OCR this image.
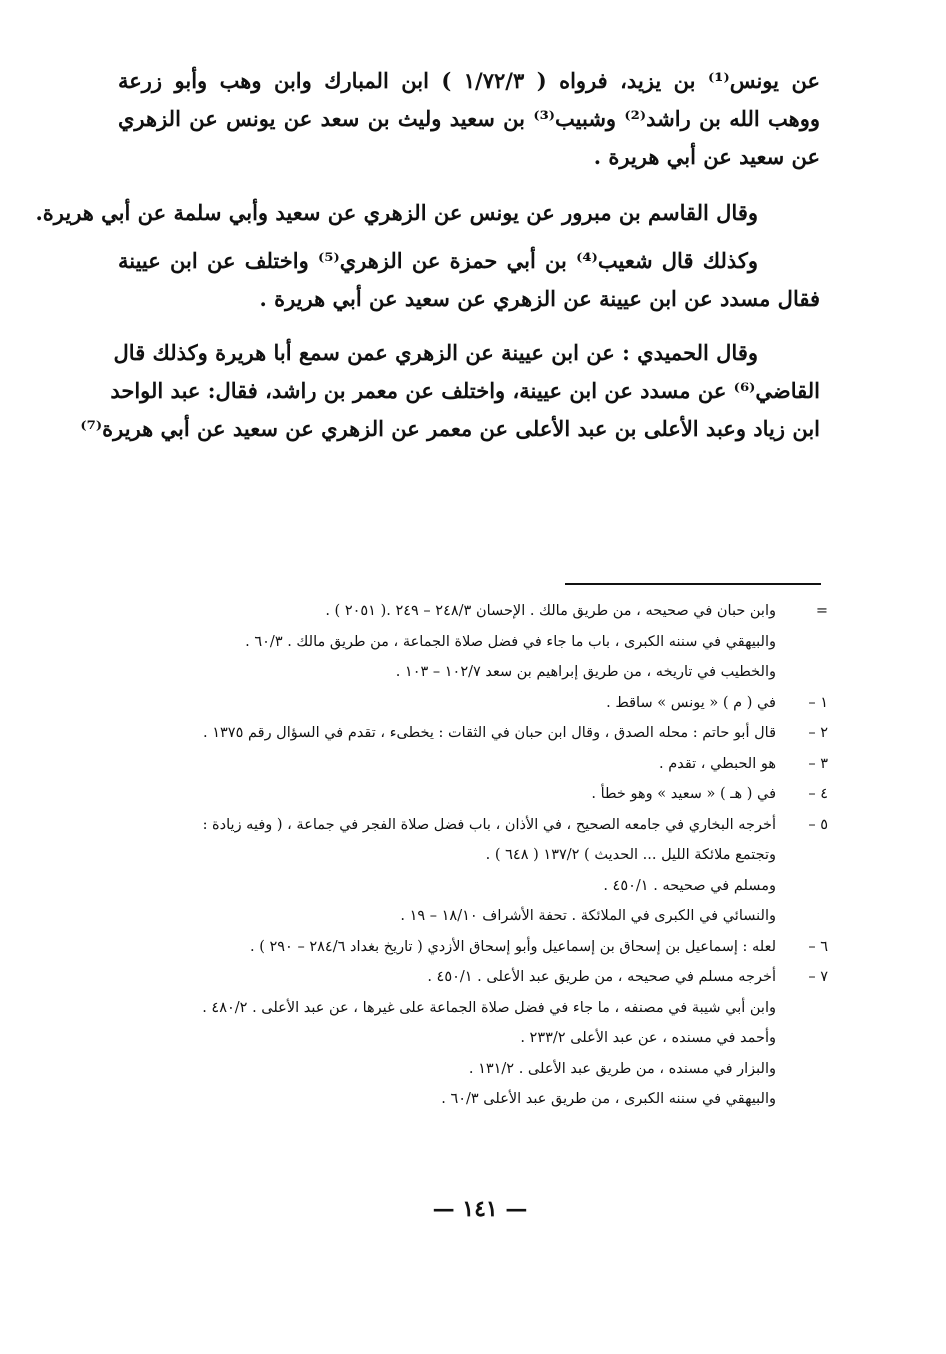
عن يونس⁽¹⁾ بن يزيد، فرواه ( ١/٧٢/٣ ) ابن المبارك وابن وهب وأبو زرعة
ووهب الله بن راشد⁽²⁾ وشبيب⁽³⁾ بن سعيد وليث بن سعد عن يونس عن الزهري
عن سعيد عن أبي هريرة .

وقال القاسم بن مبرور عن يونس عن الزهري عن سعيد وأبي سلمة عن أبي هريرة.

وكذلك قال شعيب⁽⁴⁾ بن أبي حمزة عن الزهري⁽⁵⁾ واختلف عن ابن عيينة
فقال مسدد عن ابن عيينة عن الزهري عن سعيد عن أبي هريرة .

وقال الحميدي : عن ابن عيينة عن الزهري عمن سمع أبا هريرة وكذلك قال
القاضي⁽⁶⁾ عن مسدد عن ابن عيينة، واختلف عن معمر بن راشد، فقال: عبد الواحد
ابن زياد وعبد الأعلى بن عبد الأعلى عن معمر عن الزهري عن سعيد عن أبي هريرة⁽⁷⁾

=
وابن حبان في صحيحه ، من طريق مالك . الإحسان ٢٤٨/٣ – ٢٤٩ .( ٢٠٥١ ) .
والبيهقي في سننه الكبرى ، باب ما جاء في فضل صلاة الجماعة ، من طريق مالك . ٦٠/٣ .
والخطيب في تاريخه ، من طريق إبراهيم بن سعد ١٠٢/٧ – ١٠٣ .
١ –
في ( م ) « يونس » ساقط .
٢ –
قال أبو حاتم : محله الصدق ، وقال ابن حبان في الثقات : يخطىء ، تقدم في السؤال رقم ١٣٧٥ .
٣ –
هو الحبطي ، تقدم .
٤ –
في ( هـ ) « سعيد » وهو خطأ .
٥ –
أخرجه البخاري في جامعه الصحيح ، في الأذان ، باب فضل صلاة الفجر في جماعة ، ( وفيه زيادة :
وتجتمع ملائكة الليل ... الحديث ) ١٣٧/٢ ( ٦٤٨ ) .
ومسلم في صحيحه . ٤٥٠/١ .
والنسائي في الكبرى في الملائكة . تحفة الأشراف ١٨/١٠ – ١٩ .
٦ –
لعله : إسماعيل بن إسحاق بن إسماعيل وأبو إسحاق الأزدي ( تاريخ بغداد ٢٨٤/٦ – ٢٩٠ ) .
٧ –
أخرجه مسلم في صحيحه ، من طريق عبد الأعلى . ٤٥٠/١ .
وابن أبي شيبة في مصنفه ، ما جاء في فضل صلاة الجماعة على غيرها ، عن عبد الأعلى . ٤٨٠/٢ .
وأحمد في مسنده ، عن عبد الأعلى ٢٣٣/٢ .
والبزار في مسنده ، من طريق عبد الأعلى . ١٣١/٢ .
والبيهقي في سننه الكبرى ، من طريق عبد الأعلى ٦٠/٣ .
— ١٤١ —
